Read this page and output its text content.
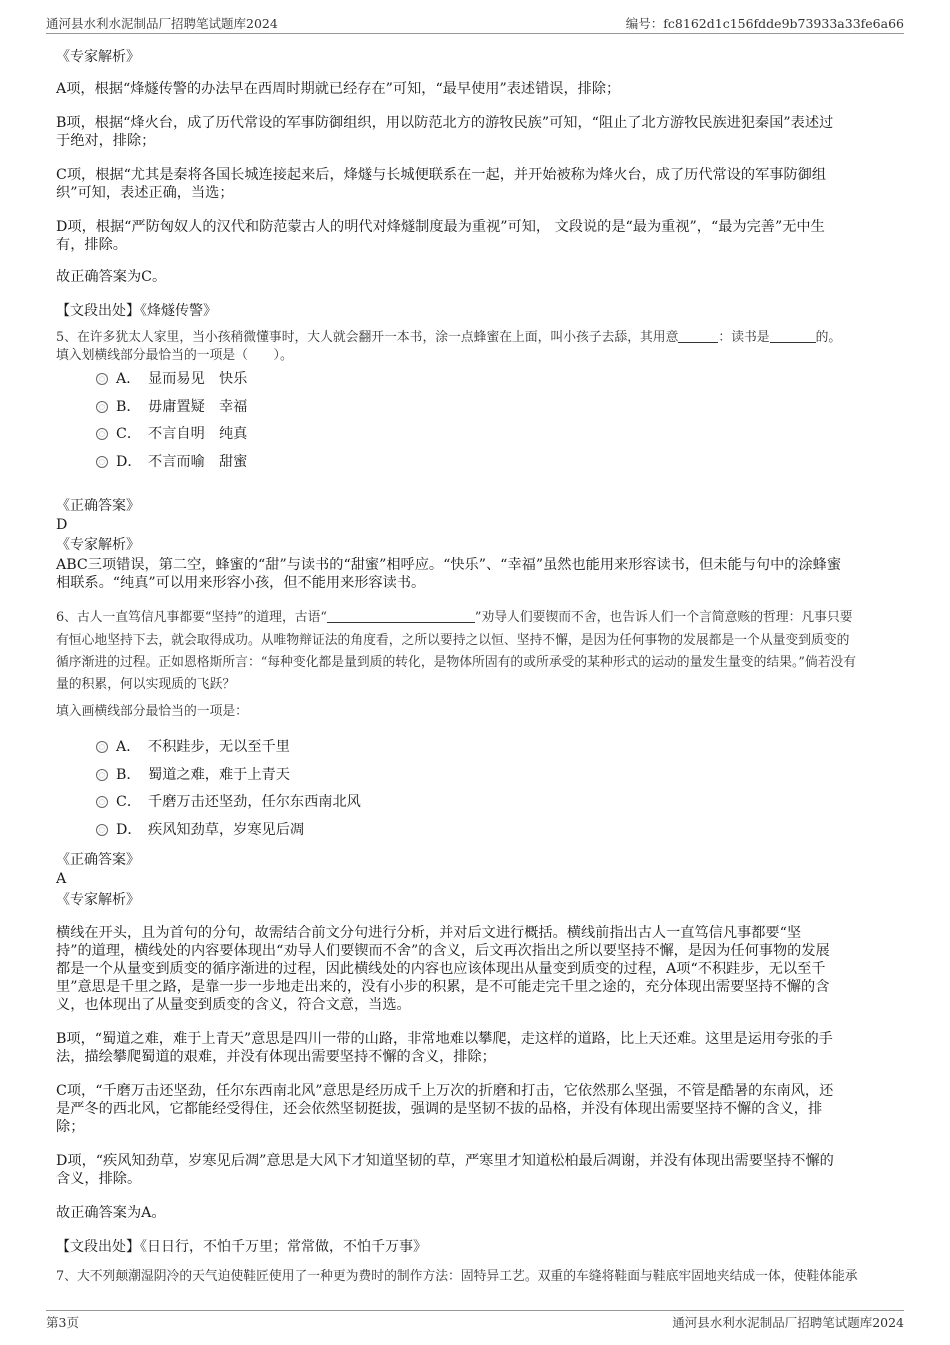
通河县水利水泥制品厂招聘笔试题库2024	编号：fc8162d1c156fdde9b73933a33fe6a66

《专家解析》

A项，根据“烽燧传警的办法早在西周时期就已经存在”可知，“最早使用”表述错误，排除；

B项，根据“烽火台，成了历代常设的军事防御组织，用以防范北方的游牧民族”可知，“阻止了北方游牧民族进犯秦国”表述过

于绝对，排除；

C项，根据“尤其是秦将各国长城连接起来后，烽燧与长城便联系在一起，并开始被称为烽火台，成了历代常设的军事防御组

织”可知，表述正确，当选；

D项，根据“严防匈奴人的汉代和防范蒙古人的明代对烽燧制度最为重视”可知， 文段说的是“最为重视”，“最为完善”无中生

有，排除。

故正确答案为C。

【文段出处】《烽燧传警》

5、在许多犹太人家里，当小孩稍微懂事时，大人就会翻开一本书，涂一点蜂蜜在上面，叫小孩子去舔，其用意	：读书是	的。

填入划横线部分最恰当的一项是（　　）。

A． 显而易见　快乐
B． 毋庸置疑　幸福
C． 不言自明　纯真
D． 不言而喻　甜蜜

《正确答案》

D

《专家解析》

ABC三项错误，第二空，蜂蜜的“甜”与读书的“甜蜜”相呼应。“快乐”、“幸福”虽然也能用来形容读书，但未能与句中的涂蜂蜜

相联系。“纯真”可以用来形容小孩，但不能用来形容读书。

6、古人一直笃信凡事都要“坚持”的道理，古语“	”劝导人们要锲而不舍，也告诉人们一个言简意赅的哲理：凡事只要

有恒心地坚持下去，就会取得成功。从唯物辩证法的角度看，之所以要持之以恒、坚持不懈，是因为任何事物的发展都是一个从量变到质变的

循序渐进的过程。正如恩格斯所言：“每种变化都是量到质的转化，是物体所固有的或所承受的某种形式的运动的量发生量变的结果。”倘若没有

量的积累，何以实现质的飞跃？

填入画横线部分最恰当的一项是：

A． 不积跬步，无以至千里
B． 蜀道之难，难于上青天
C． 千磨万击还坚劲，任尔东西南北风
D． 疾风知劲草，岁寒见后凋

《正确答案》

A

《专家解析》

横线在开头，且为首句的分句，故需结合前文分句进行分析，并对后文进行概括。横线前指出古人一直笃信凡事都要“坚

持”的道理，横线处的内容要体现出“劝导人们要锲而不舍”的含义，后文再次指出之所以要坚持不懈，是因为任何事物的发展

都是一个从量变到质变的循序渐进的过程，因此横线处的内容也应该体现出从量变到质变的过程，A项“不积跬步，无以至千

里”意思是千里之路，是靠一步一步地走出来的，没有小步的积累，是不可能走完千里之途的，充分体现出需要坚持不懈的含

义，也体现出了从量变到质变的含义，符合文意，当选。

B项，“蜀道之难，难于上青天”意思是四川一带的山路，非常地难以攀爬，走这样的道路，比上天还难。这里是运用夸张的手

法，描绘攀爬蜀道的艰难，并没有体现出需要坚持不懈的含义，排除；

C项，“千磨万击还坚劲，任尔东西南北风”意思是经历成千上万次的折磨和打击，它依然那么坚强，不管是酷暑的东南风，还

是严冬的西北风，它都能经受得住，还会依然坚韧挺拔，强调的是坚韧不拔的品格，并没有体现出需要坚持不懈的含义，排

除；

D项，“疾风知劲草，岁寒见后凋”意思是大风下才知道坚韧的草，严寒里才知道松柏最后凋谢，并没有体现出需要坚持不懈的

含义，排除。

故正确答案为A。

【文段出处】《日日行，不怕千万里；常常做，不怕千万事》

7、大不列颠潮湿阴冷的天气迫使鞋匠使用了一种更为费时的制作方法：固特异工艺。双重的车缝将鞋面与鞋底牢固地夹结成一体，使鞋体能承

第3页	通河县水利水泥制品厂招聘笔试题库2024
